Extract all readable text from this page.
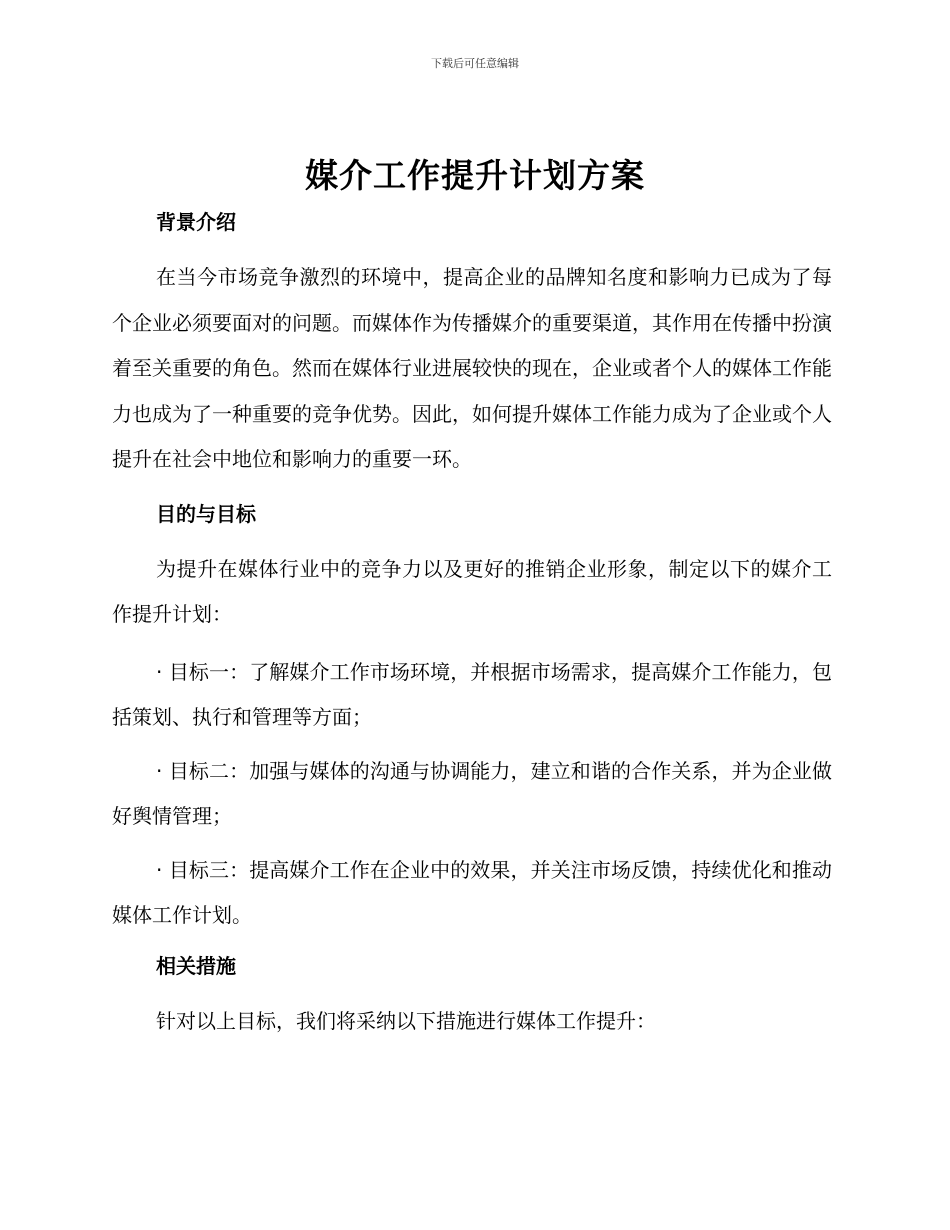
下载后可任意编辑
媒介工作提升计划方案
背景介绍

在当今市场竞争激烈的环境中，提高企业的品牌知名度和影响力已成为了每个企业必须要面对的问题。而媒体作为传播媒介的重要渠道，其作用在传播中扮演着至关重要的角色。然而在媒体行业进展较快的现在，企业或者个人的媒体工作能力也成为了一种重要的竞争优势。因此，如何提升媒体工作能力成为了企业或个人提升在社会中地位和影响力的重要一环。

目的与目标

为提升在媒体行业中的竞争力以及更好的推销企业形象，制定以下的媒介工作提升计划：

· 目标一：了解媒介工作市场环境，并根据市场需求，提高媒介工作能力，包括策划、执行和管理等方面；

· 目标二：加强与媒体的沟通与协调能力，建立和谐的合作关系，并为企业做好舆情管理；

· 目标三：提高媒介工作在企业中的效果，并关注市场反馈，持续优化和推动媒体工作计划。

相关措施

针对以上目标，我们将采纳以下措施进行媒体工作提升：
